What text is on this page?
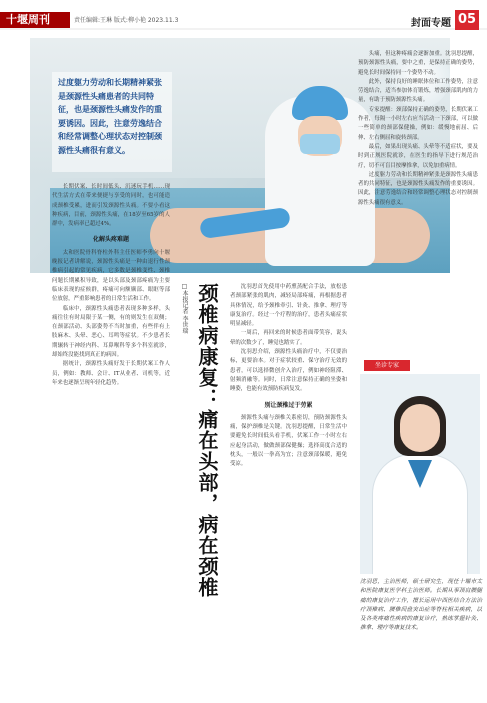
十堰周刊	责任编辑:王琳 版式:柳小艳 2023.11.3	封面专题 05
过度躯力劳动和长期精神紧张是颈源性头痛患者的共同特征，也是颈源性头痛发作的重要诱因。因此，注意劳逸结合和经常调整心理状态对控制颈源性头痛很有意义。

长期伏案、长时间低头、沉迷玩手机……现代生活方式在带来便捷与享受的同时，也可能造成颈椎受累，进而引发颈源性头痛。不要小看这种疾病，目前，颈源性头痛，在18岁至65岁的人群中，发病率已超过4%。

化解头疼难题

太和医院骨科脊柱外科主任医师李勇向十堰晚报记者讲解说，颈源性头痛是一种由退行性颈椎病引起的常见疾病，它多数是颈椎变性、颈椎问题长期累积导致，是以头部及颈部疼痛为主要临床表现的症候群，疼痛可向额颞部、眼眶等部位放射，严重影响患者的日常生活和工作。

临床中，颈源性头痛患者表现多种多样，头痛往往有时局限于某一侧，有的则发生在双侧；在颈部活动、头部姿势不当时加重，有些伴有上肢麻木、头晕、恶心、耳鸣等症状。不少患者长期辗转于神经内科、耳鼻喉科等多个科室就诊，却始终没能找到真正的病因。

据统计，颈源性头痛好发于长期伏案工作人员，例如：教师、会计、IT从业者、司机等，近年来也逐渐呈现年轻化趋势。	颈椎病康复：痛在头部，病在颈椎
□本报记者 李世瑞	沈羽思首先使用中药熏蒸配合手法，放松患者颈部紧张的肌肉，减轻局部疼痛，再根据患者具体情况，给予颈椎牵引、针灸、推拿、理疗等康复治疗。经过一个疗程的治疗，患者头痛症状明显减轻。

一周后，再回来的时候患者面带笑容，说头晕的次数少了，睡觉也踏实了。

沈羽思介绍，颈源性头痛治疗中，不仅要治标，更要治本。对于症状较重、保守治疗无效的患者，可以选择微创介入治疗，例如神经阻滞、射频消融等。同时，日常注意保持正确的坐姿和睡姿，也能有效预防疾病复发。

别让颈椎过于劳累

颈源性头痛与颈椎关系密切，预防颈源性头痛，保护颈椎是关键。沈羽思提醒，日常生活中要避免长时间低头看手机，伏案工作一小时左右应起身活动，做做颈部保健操；选择高度合适的枕头，一般以一拳高为宜；注意颈部保暖，避免受凉。

头痛，但这种疼痛会逐渐加重。沈羽思提醒，预防颈源性头痛，要中之重，是保持正确的姿势，避免长时间保持同一个姿势不动。

此外，保持良好的睡眠体位和工作姿势，注意劳逸结合，适当参加体育锻炼，增强颈部肌肉的力量，有助于预防颈源性头痛。

专家提醒：颈部保持正确的姿势，长期伏案工作者，每隔一小时左右应当活动一下颈部，可以做一些简单的颈部保健操，例如：缓慢地前屈、后伸、左右侧屈和旋转颈部。

最后，如果出现头痛、头晕等不适症状，要及时到正规医院就诊，在医生的指导下进行规范治疗，切不可盲目按摩推拿，以免加重病情。

过度躯力劳动和长期精神紧张是颈源性头痛患者的共同特征，也是颈源性头痛发作的重要诱因。因此，注意劳逸结合和经常调整心理状态对控制颈源性头痛很有意义。

坐诊专家
沈羽思，主治医师，硕士研究生，现任十堰市太和医院康复医学科主治医师。长期从事颈肩腰腿痛的康复治疗工作，擅长运用中西医结合方法治疗颈椎病、腰椎间盘突出症等脊柱相关疾病，以及各类疼痛性疾病的康复诊疗，熟练掌握针灸、推拿、理疗等康复技术。
